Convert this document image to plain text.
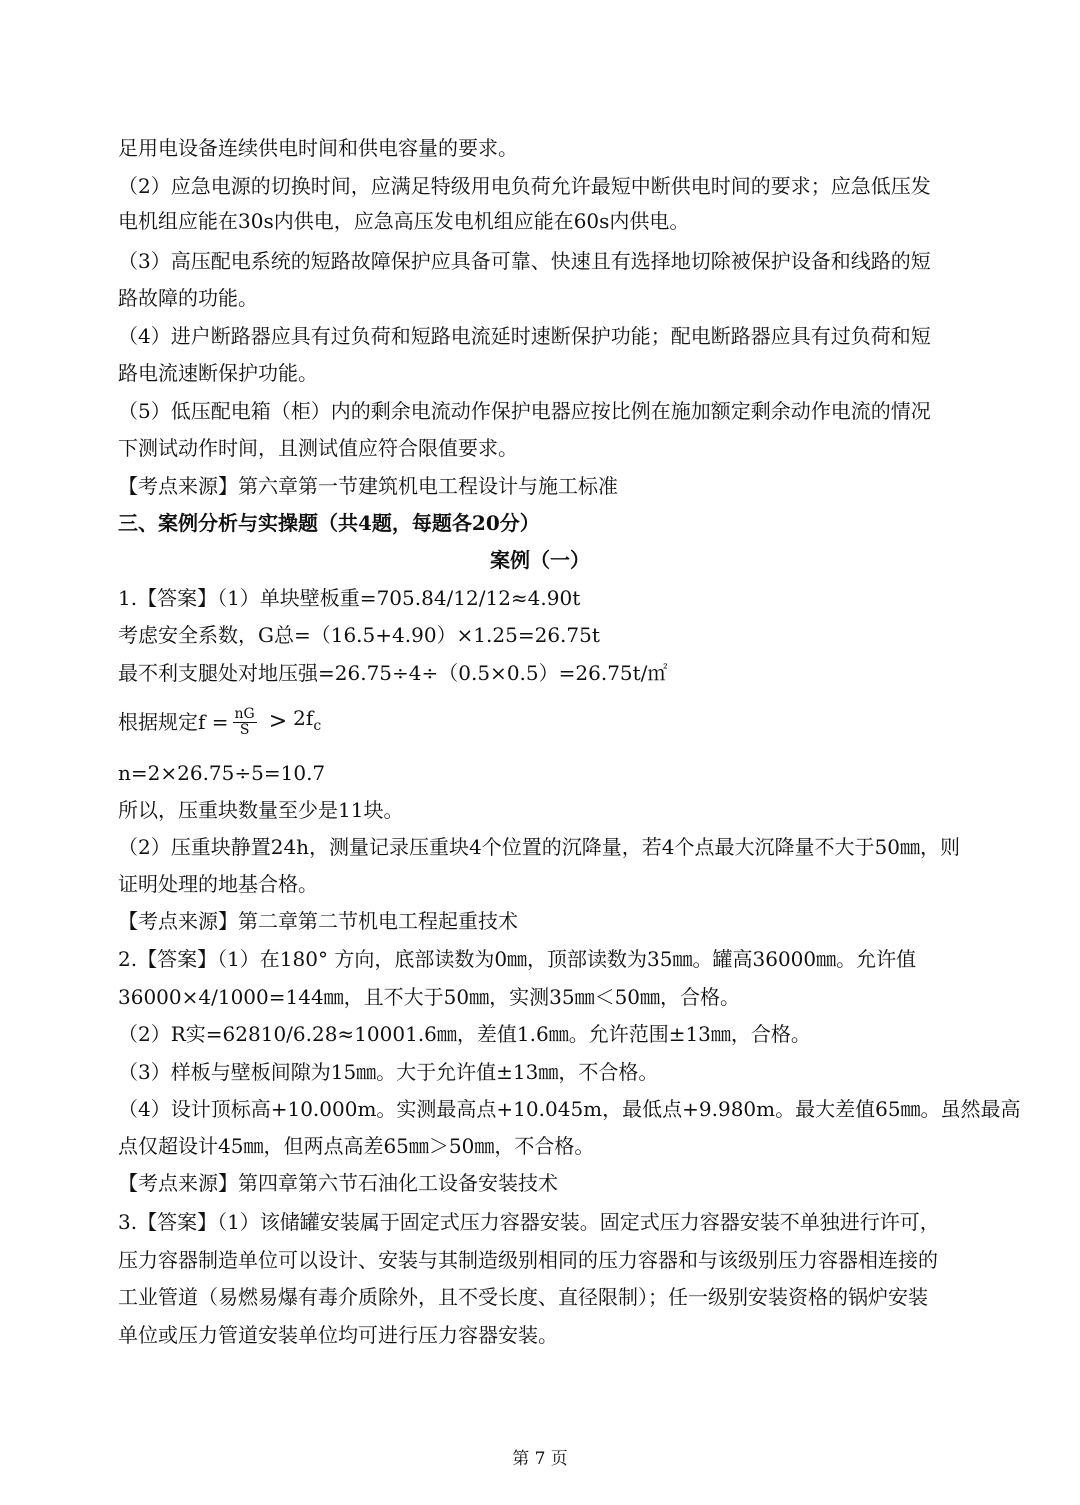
足用电设备连续供电时间和供电容量的要求。
（2）应急电源的切换时间，应满足特级用电负荷允许最短中断供电时间的要求；应急低压发
电机组应能在30s内供电，应急高压发电机组应能在60s内供电。
（3）高压配电系统的短路故障保护应具备可靠、快速且有选择地切除被保护设备和线路的短
路故障的功能。
（4）进户断路器应具有过负荷和短路电流延时速断保护功能；配电断路器应具有过负荷和短
路电流速断保护功能。
（5）低压配电箱（柜）内的剩余电流动作保护电器应按比例在施加额定剩余动作电流的情况
下测试动作时间，且测试值应符合限值要求。
【考点来源】第六章第一节建筑机电工程设计与施工标准
三、案例分析与实操题（共4题，每题各20分）
案例（一）
1.【答案】（1）单块壁板重=705.84/12/12≈4.90t
考虑安全系数，G总=（16.5+4.90）×1.25=26.75t
最不利支腿处对地压强=26.75÷4÷（0.5×0.5）=26.75t/㎡
根据规定$f = \frac{nG}{S} > 2f_c$
n=2×26.75÷5=10.7
所以，压重块数量至少是11块。
（2）压重块静置24h，测量记录压重块4个位置的沉降量，若4个点最大沉降量不大于50㎜，则
证明处理的地基合格。
【考点来源】第二章第二节机电工程起重技术
2.【答案】（1）在180° 方向，底部读数为0㎜，顶部读数为35㎜。罐高36000㎜。允许值
36000×4/1000=144㎜，且不大于50㎜，实测35㎜＜50㎜，合格。
（2）R实=62810/6.28≈10001.6㎜，差值1.6㎜。允许范围±13㎜，合格。
（3）样板与壁板间隙为15㎜。大于允许值±13㎜，不合格。
（4）设计顶标高+10.000m。实测最高点+10.045m，最低点+9.980m。最大差值65㎜。虽然最高
点仅超设计45㎜，但两点高差65㎜＞50㎜，不合格。
【考点来源】第四章第六节石油化工设备安装技术
3.【答案】（1）该储罐安装属于固定式压力容器安装。固定式压力容器安装不单独进行许可，
压力容器制造单位可以设计、安装与其制造级别相同的压力容器和与该级别压力容器相连接的
工业管道（易燃易爆有毒介质除外，且不受长度、直径限制）；任一级别安装资格的锅炉安装
单位或压力管道安装单位均可进行压力容器安装。
第 7 页
